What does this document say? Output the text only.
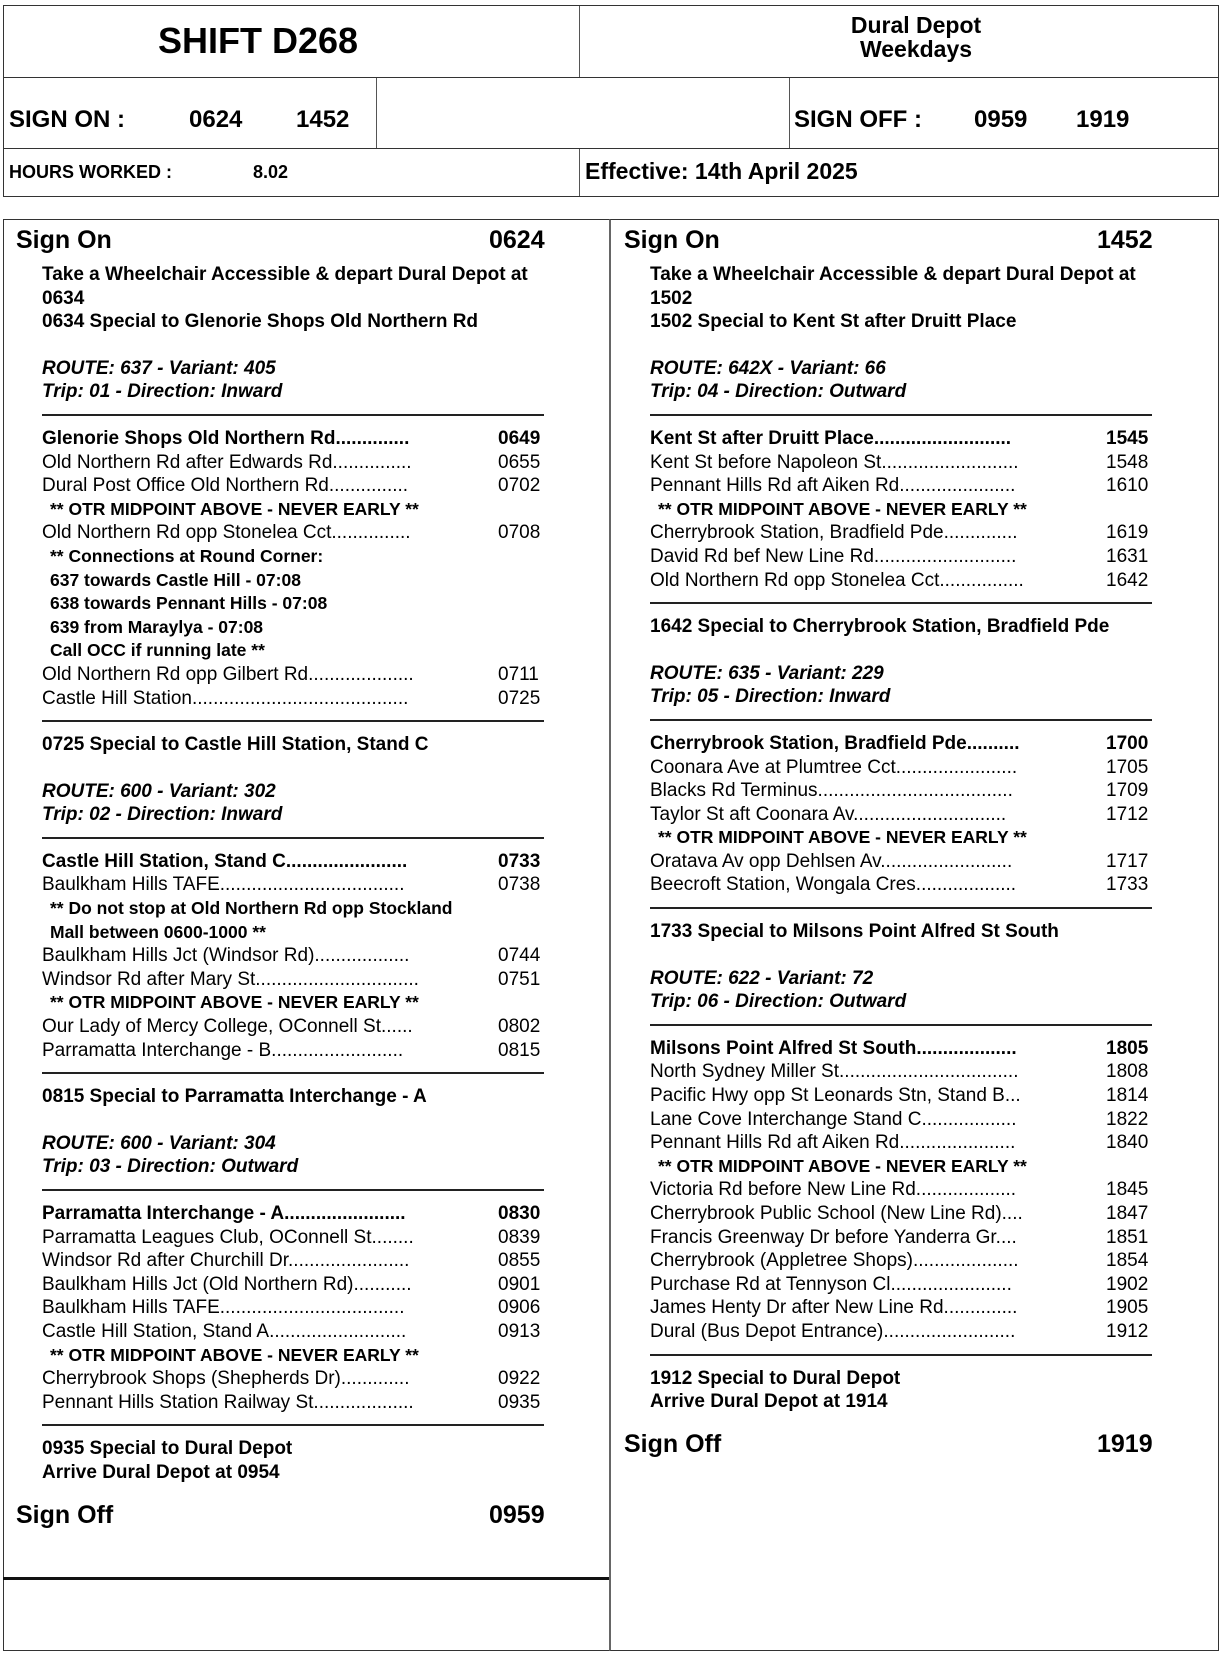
SHIFT D268	Dural Depot
Weekdays
SIGN ON :	0624 1452	SIGN OFF : 0959 1919
HOURS WORKED :	8.02	Effective: 14th April 2025
Sign On	0624
Take a Wheelchair Accessible & depart Dural Depot at
0634
0634 Special to Glenorie Shops Old Northern Rd
ROUTE: 637 - Variant: 405
Trip: 01 - Direction: Inward
Glenorie Shops Old Northern Rd..............	0649
Old Northern Rd after Edwards Rd...............	0655
Dural Post Office Old Northern Rd...............	0702
** OTR MIDPOINT ABOVE - NEVER EARLY **
Old Northern Rd opp Stonelea Cct...............	0708
** Connections at Round Corner:
637 towards Castle Hill - 07:08
638 towards Pennant Hills - 07:08
639 from Maraylya - 07:08
Call OCC if running late **
Old Northern Rd opp Gilbert Rd....................	0711
Castle Hill Station.........................................	0725
0725 Special to Castle Hill Station, Stand C
ROUTE: 600 - Variant: 302
Trip: 02 - Direction: Inward
Castle Hill Station, Stand C.......................	0733
Baulkham Hills TAFE...................................	0738
** Do not stop at Old Northern Rd opp Stockland
Mall between 0600-1000 **
Baulkham Hills Jct (Windsor Rd)..................	0744
Windsor Rd after Mary St...............................	0751
** OTR MIDPOINT ABOVE - NEVER EARLY **
Our Lady of Mercy College, OConnell St......	0802
Parramatta Interchange - B.........................	0815
0815 Special to Parramatta Interchange - A
ROUTE: 600 - Variant: 304
Trip: 03 - Direction: Outward
Parramatta Interchange - A.......................	0830
Parramatta Leagues Club, OConnell St........	0839
Windsor Rd after Churchill Dr.......................	0855
Baulkham Hills Jct (Old Northern Rd)...........	0901
Baulkham Hills TAFE...................................	0906
Castle Hill Station, Stand A..........................	0913
** OTR MIDPOINT ABOVE - NEVER EARLY **
Cherrybrook Shops (Shepherds Dr).............	0922
Pennant Hills Station Railway St...................	0935
0935 Special to Dural Depot
Arrive Dural Depot at 0954
Sign Off	0959
Sign On	1452
Take a Wheelchair Accessible & depart Dural Depot at
1502
1502 Special to Kent St after Druitt Place
ROUTE: 642X - Variant: 66
Trip: 04 - Direction: Outward
Kent St after Druitt Place..........................	1545
Kent St before Napoleon St..........................	1548
Pennant Hills Rd aft Aiken Rd......................	1610
** OTR MIDPOINT ABOVE - NEVER EARLY **
Cherrybrook Station, Bradfield Pde..............	1619
David Rd bef New Line Rd...........................	1631
Old Northern Rd opp Stonelea Cct................	1642
1642 Special to Cherrybrook Station, Bradfield Pde
ROUTE: 635 - Variant: 229
Trip: 05 - Direction: Inward
Cherrybrook Station, Bradfield Pde..........	1700
Coonara Ave at Plumtree Cct.......................	1705
Blacks Rd Terminus.....................................	1709
Taylor St aft Coonara Av.............................	1712
** OTR MIDPOINT ABOVE - NEVER EARLY **
Oratava Av opp Dehlsen Av.........................	1717
Beecroft Station, Wongala Cres...................	1733
1733 Special to Milsons Point Alfred St South
ROUTE: 622 - Variant: 72
Trip: 06 - Direction: Outward
Milsons Point Alfred St South...................	1805
North Sydney Miller St..................................	1808
Pacific Hwy opp St Leonards Stn, Stand B...	1814
Lane Cove Interchange Stand C..................	1822
Pennant Hills Rd aft Aiken Rd......................	1840
** OTR MIDPOINT ABOVE - NEVER EARLY **
Victoria Rd before New Line Rd...................	1845
Cherrybrook Public School (New Line Rd)....	1847
Francis Greenway Dr before Yanderra Gr....	1851
Cherrybrook (Appletree Shops)....................	1854
Purchase Rd at Tennyson Cl.......................	1902
James Henty Dr after New Line Rd..............	1905
Dural (Bus Depot Entrance).........................	1912
1912 Special to Dural Depot
Arrive Dural Depot at 1914
Sign Off	1919
